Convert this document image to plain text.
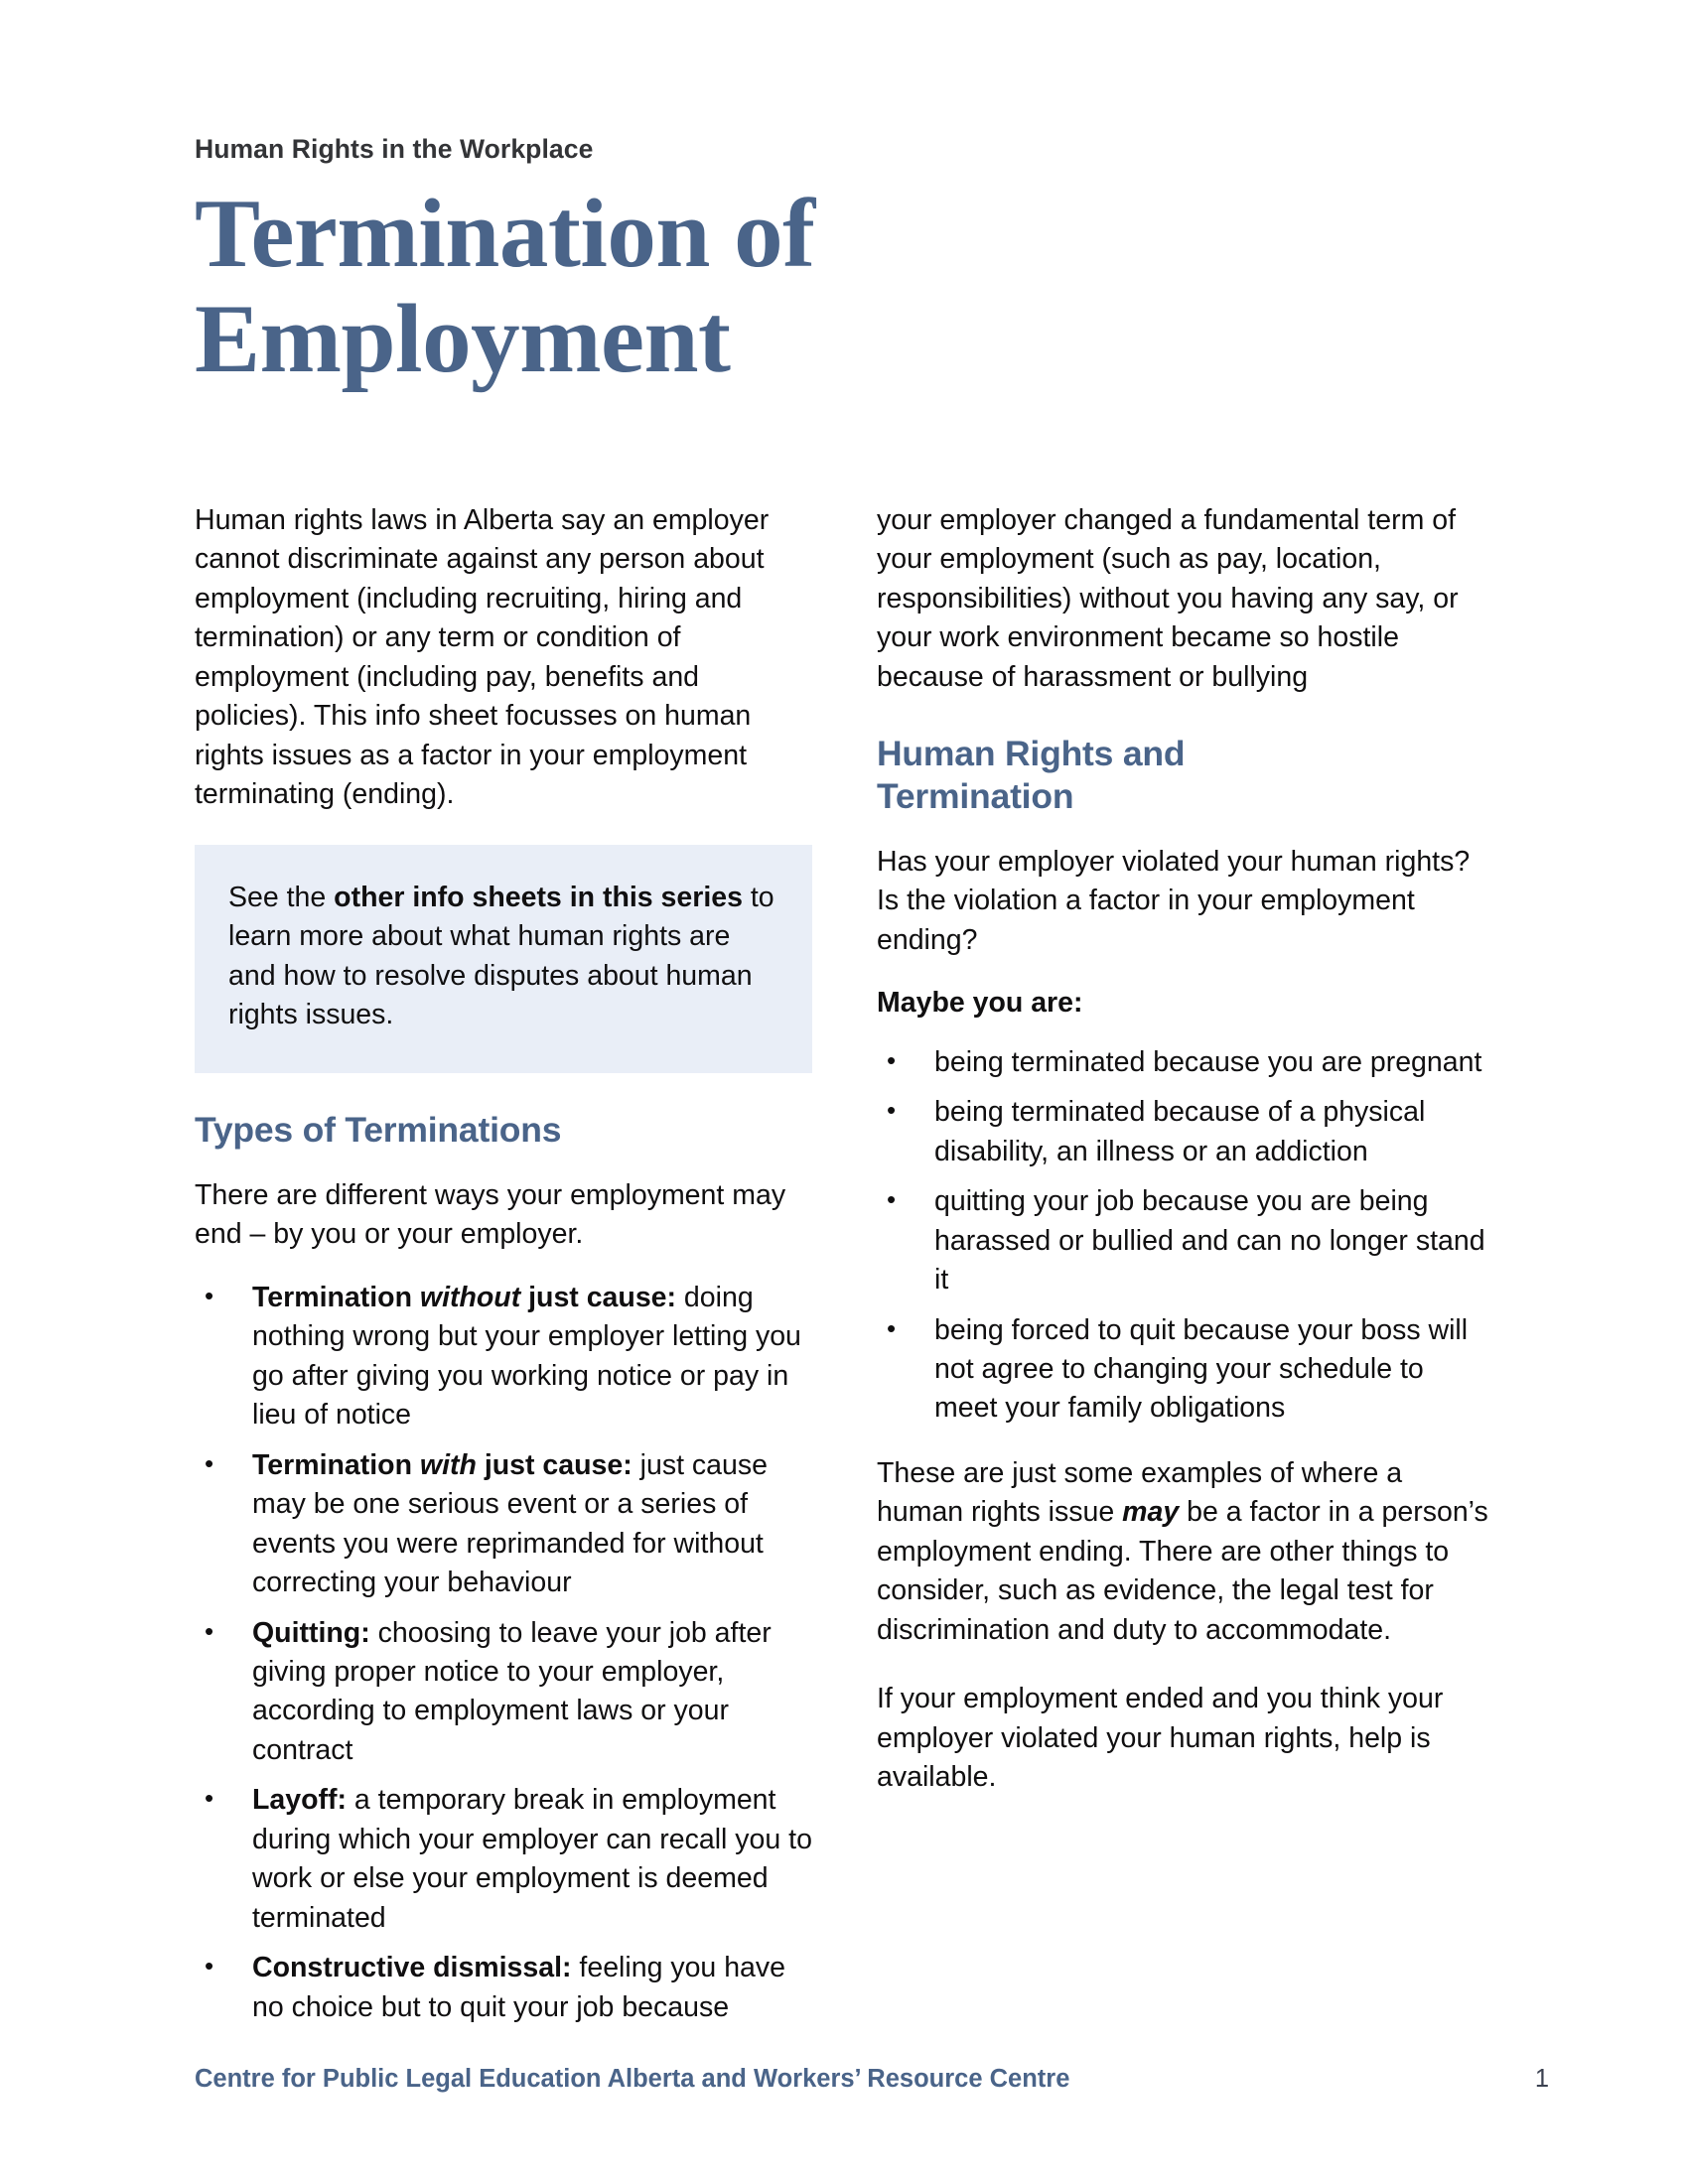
Human Rights in the Workplace
Termination of
Employment

Human rights laws in Alberta say an employer cannot discriminate against any person about employment (including recruiting, hiring and termination) or any term or condition of employment (including pay, benefits and policies). This info sheet focusses on human rights issues as a factor in your employment terminating (ending).

See the other info sheets in this series to learn more about what human rights are and how to resolve disputes about human rights issues.

Types of Terminations

There are different ways your employment may end – by you or your employer.

• Termination without just cause: doing nothing wrong but your employer letting you go after giving you working notice or pay in lieu of notice
• Termination with just cause: just cause may be one serious event or a series of events you were reprimanded for without correcting your behaviour
• Quitting: choosing to leave your job after giving proper notice to your employer, according to employment laws or your contract
• Layoff: a temporary break in employment during which your employer can recall you to work or else your employment is deemed terminated
• Constructive dismissal: feeling you have no choice but to quit your job because

your employer changed a fundamental term of your employment (such as pay, location, responsibilities) without you having any say, or your work environment became so hostile because of harassment or bullying

Human Rights and
Termination

Has your employer violated your human rights? Is the violation a factor in your employment ending?

Maybe you are:

• being terminated because you are pregnant
• being terminated because of a physical disability, an illness or an addiction
• quitting your job because you are being harassed or bullied and can no longer stand it
• being forced to quit because your boss will not agree to changing your schedule to meet your family obligations

These are just some examples of where a human rights issue may be a factor in a person’s employment ending. There are other things to consider, such as evidence, the legal test for discrimination and duty to accommodate.

If your employment ended and you think your employer violated your human rights, help is available.

Centre for Public Legal Education Alberta and Workers’ Resource Centre	1
